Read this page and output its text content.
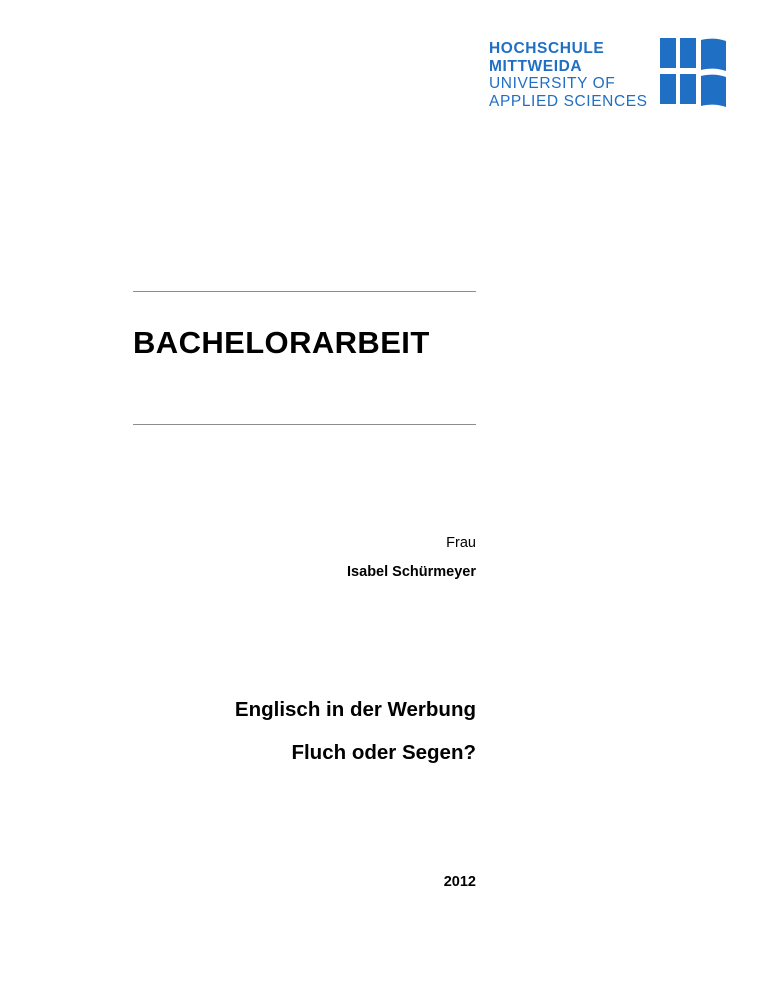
HOCHSCHULE
MITTWEIDA
UNIVERSITY OF
APPLIED SCIENCES
BACHELORARBEIT
Frau
Isabel Schürmeyer
Englisch in der Werbung
Fluch oder Segen?
2012
